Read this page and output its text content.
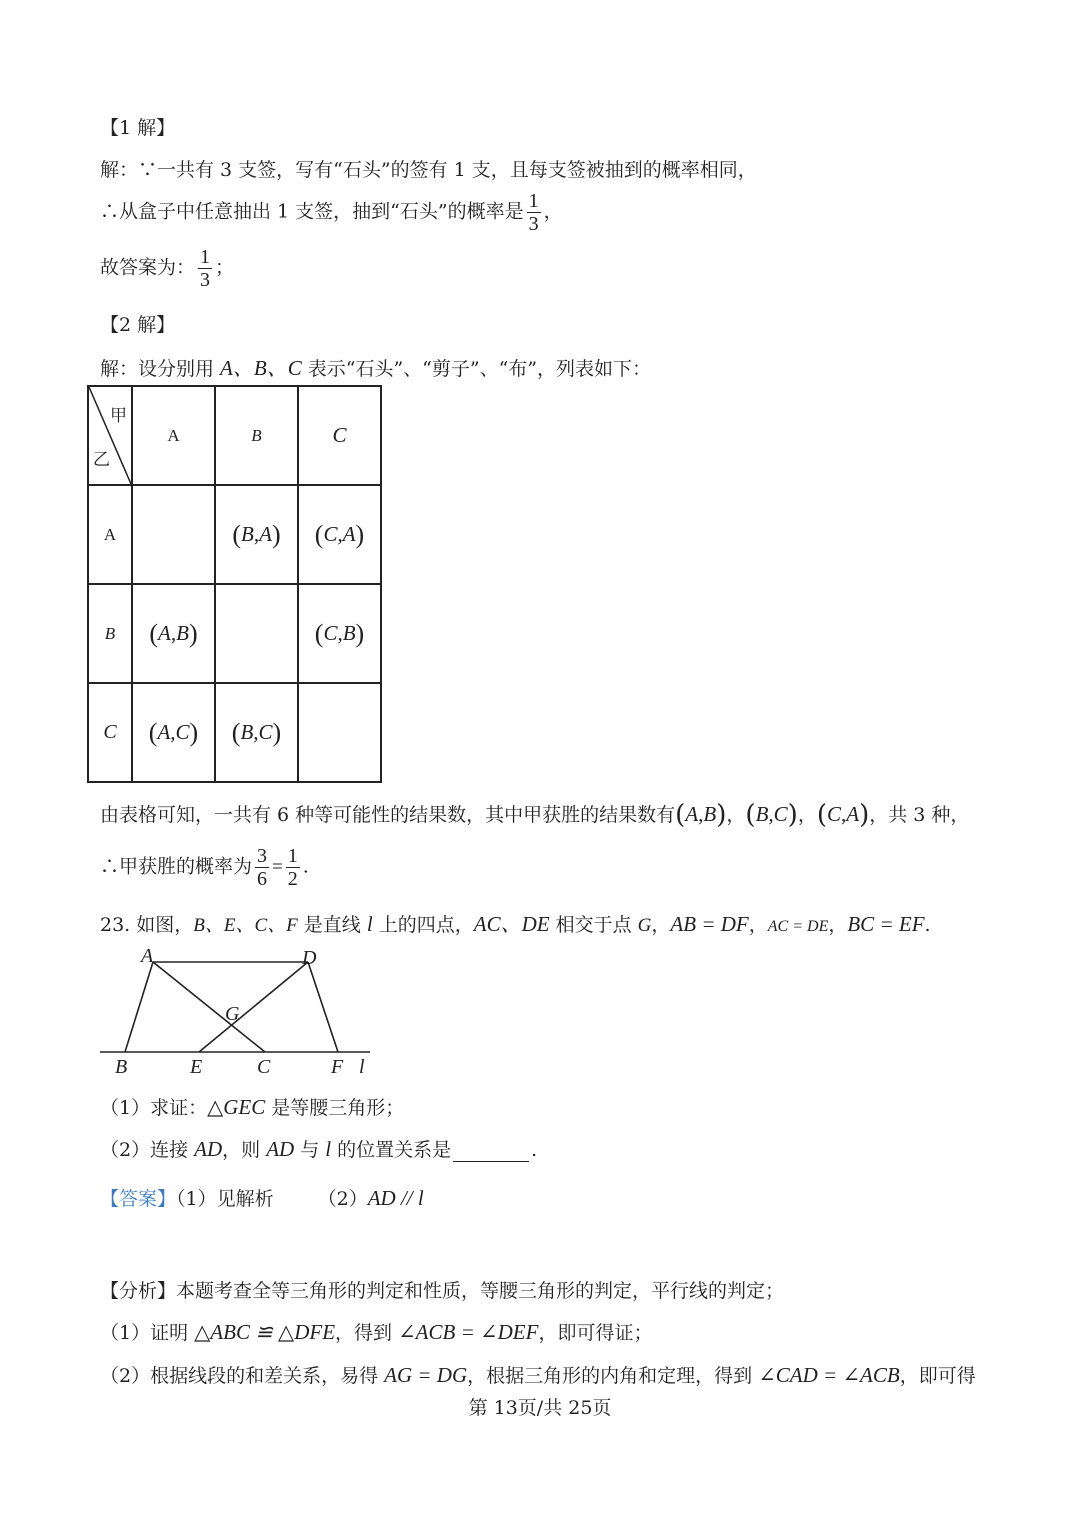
【1 解】
解：∵一共有 3 支签，写有“石头”的签有 1 支，且每支签被抽到的概率相同，
∴从盒子中任意抽出 1 支签，抽到“石头”的概率是 $\frac{1}{3}$ ，
故答案为： $\frac{1}{3}$ ；
【2 解】
解：设分别用 A、B、C 表示“石头”、“剪子”、“布”，列表如下：
甲
乙	A	B	C
A		(B,A)	(C,A)
B	(A,B)		(C,B)
C	(A,C)	(B,C)	
由表格可知，一共有 6 种等可能性的结果数，其中甲获胜的结果数有(A,B)，(B,C)，(C,A)，共 3 种，
∴甲获胜的概率为 $\frac{3}{6} = \frac{1}{2}$ .
23. 如图，B、E、C、F 是直线 l 上的四点，AC、DE 相交于点 G，AB = DF，AC = DE，BC = EF.
A	D
G
B	E	C	F l
（1）求证：△GEC 是等腰三角形；
（2）连接 AD，则 AD 与 l 的位置关系是	.
【答案】（1）见解析 （2）AD // l
【分析】本题考查全等三角形的判定和性质，等腰三角形的判定，平行线的判定；
（1）证明 △ABC ≌ △DFE，得到 ∠ACB = ∠DEF，即可得证；
（2）根据线段的和差关系，易得 AG = DG，根据三角形的内角和定理，得到 ∠CAD = ∠ACB，即可得
第 13页/共 25页
